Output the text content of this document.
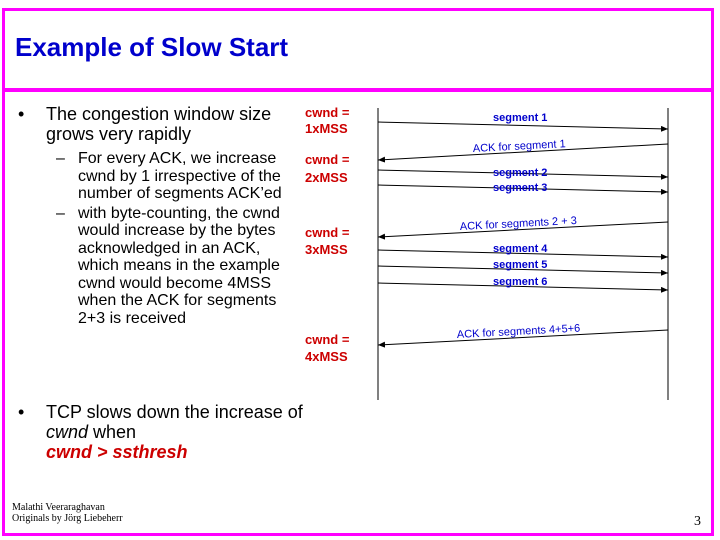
Example of Slow Start
• The congestion window size grows very rapidly
– For every ACK, we increase cwnd by 1 irrespective of the number of segments ACK’ed
– with byte-counting, the cwnd would increase by the bytes acknowledged in an ACK, which means in the example cwnd would become 4MSS when the ACK for segments 2+3 is received
• TCP slows down the increase of cwnd when
cwnd > ssthresh
cwnd =
1xMSS
cwnd =
2xMSS
cwnd =
3xMSS
cwnd =
4xMSS
segment 1
ACK for segment 1
segment 2
segment 3
ACK for segments 2 + 3
segment 4
segment 5
segment 6
ACK for segments 4+5+6
Malathi Veeraraghavan
Originals by Jörg Liebeherr	3
